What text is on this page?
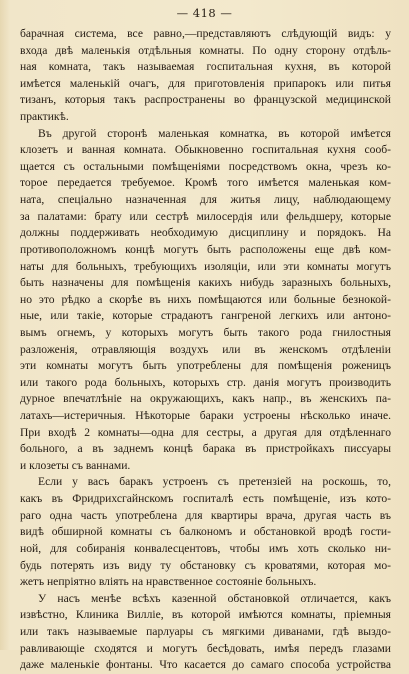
— 418 —
барачная система, все равно,—представляютъ слѣдующій видъ: у
входа двѣ маленькія отдѣльныя комнаты. По одну сторону отдѣль-
ная комната, такъ называемая госпитальная кухня, въ которой
имѣется маленькій очагъ, для приготовленія припарокъ или питья
тизанъ, которыя такъ распространены во французской медицинской
практикѣ.
Въ другой сторонѣ маленькая комнатка, въ которой имѣется
клозетъ и ванная комната. Обыкновенно госпитальная кухня сооб-
щается съ остальными помѣщеніями посредствомъ окна, чрезъ ко-
торое передается требуемое. Кромѣ того имѣется маленькая ком-
ната, спеціально назначенная для житья лицу, наблюдающему
за палатами: брату или сестрѣ милосердія или фельдшеру, которые
должны поддерживать необходимую дисциплину и порядокъ. На
противоположномъ концѣ могутъ быть расположены еще двѣ ком-
наты для больныхъ, требующихъ изоляціи, или эти комнаты могутъ
быть назначены для помѣщенія какихъ нибудь заразныхъ больныхъ,
но это рѣдко а скорѣе въ нихъ помѣщаются или больные безнокой-
ные, или такіе, которые страдаютъ гангреной легкихъ или антоно-
вымъ огнемъ, у которыхъ могутъ быть такого рода гнилостныя
разложенія, отравляющія воздухъ или въ женскомъ отдѣленіи
эти комнаты могутъ быть употреблены для помѣщенія роженицъ
или такого рода больныхъ, которыхъ стр. данія могутъ производить
дурное впечатлѣніе на окружающихъ, какъ напр., въ женскихъ па-
латахъ—истеричныя. Нѣкоторые бараки устроены нѣсколько иначе.
При входѣ 2 комнаты—одна для сестры, а другая для отдѣленнаго
больного, а въ заднемъ концѣ барака въ пристройкахъ писсуары
и клозеты съ ваннами.
Если у васъ баракъ устроенъ съ претензіей на роскошь, то,
какъ въ Фридрихсгайнскомъ госпиталѣ есть помѣщеніе, изъ кото-
раго одна часть употреблена для квартиры врача, другая часть въ
видѣ обширной комнаты съ балкономъ и обстановкой вродѣ гости-
ной, для собиранія конвалесцентовъ, чтобы имъ хоть сколько ни-
будь потерять изъ виду ту обстановку съ кроватями, которая мо-
жетъ непріятно вліять на нравственное состояніе больныхъ.
У насъ менѣе всѣхъ казенной обстановкой отличается, какъ
извѣстно, Клиника Вилліе, въ которой имѣются комнаты, пріемныя
или такъ называемые парлуары съ мягкими диванами, гдѣ выздо-
равливающіе сходятся и могутъ бесѣдовать, имѣя передъ глазами
даже маленькіе фонтаны. Что касается до самаго способа устройства
